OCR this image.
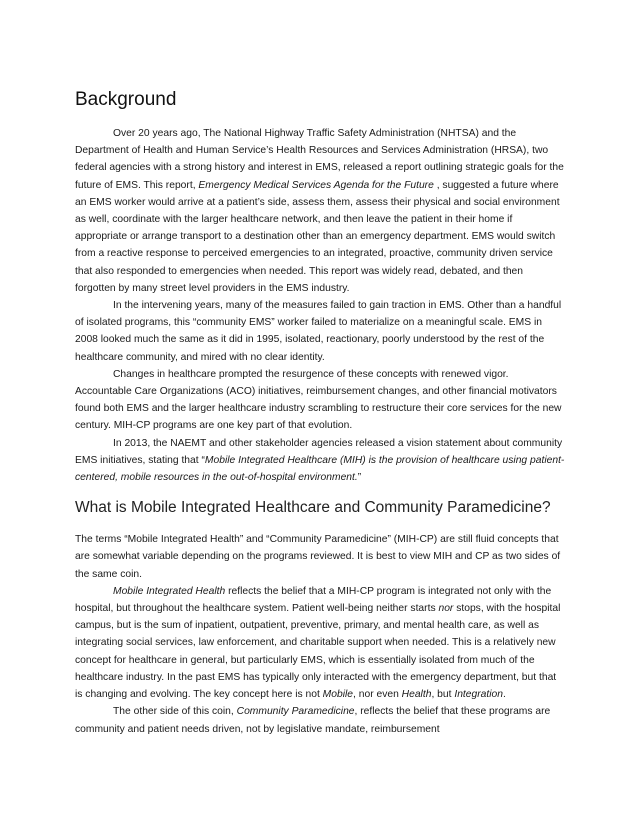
Background

Over 20 years ago, The National Highway Traffic Safety Administration (NHTSA) and the Department of Health and Human Service’s Health Resources and Services Administration (HRSA), two federal agencies with a strong history and interest in EMS, released a report outlining strategic goals for the future of EMS. This report, Emergency Medical Services Agenda for the Future , suggested a future where an EMS worker would arrive at a patient’s side, assess them, assess their physical and social environment as well, coordinate with the larger healthcare network, and then leave the patient in their home if appropriate or arrange transport to a destination other than an emergency department. EMS would switch from a reactive response to perceived emergencies to an integrated, proactive, community driven service that also responded to emergencies when needed. This report was widely read, debated, and then forgotten by many street level providers in the EMS industry.

In the intervening years, many of the measures failed to gain traction in EMS. Other than a handful of isolated programs, this “community EMS” worker failed to materialize on a meaningful scale. EMS in 2008 looked much the same as it did in 1995, isolated, reactionary, poorly understood by the rest of the healthcare community, and mired with no clear identity.

Changes in healthcare prompted the resurgence of these concepts with renewed vigor. Accountable Care Organizations (ACO) initiatives, reimbursement changes, and other financial motivators found both EMS and the larger healthcare industry scrambling to restructure their core services for the new century. MIH-CP programs are one key part of that evolution.

In 2013, the NAEMT and other stakeholder agencies released a vision statement about community EMS initiatives, stating that “Mobile Integrated Healthcare (MIH) is the provision of healthcare using patient-centered, mobile resources in the out-of-hospital environment.”

What is Mobile Integrated Healthcare and Community Paramedicine?

The terms “Mobile Integrated Health” and “Community Paramedicine” (MIH-CP) are still fluid concepts that are somewhat variable depending on the programs reviewed. It is best to view MIH and CP as two sides of the same coin.

Mobile Integrated Health reflects the belief that a MIH-CP program is integrated not only with the hospital, but throughout the healthcare system. Patient well-being neither starts nor stops, with the hospital campus, but is the sum of inpatient, outpatient, preventive, primary, and mental health care, as well as integrating social services, law enforcement, and charitable support when needed. This is a relatively new concept for healthcare in general, but particularly EMS, which is essentially isolated from much of the healthcare industry. In the past EMS has typically only interacted with the emergency department, but that is changing and evolving. The key concept here is not Mobile, nor even Health, but Integration.

The other side of this coin, Community Paramedicine, reflects the belief that these programs are community and patient needs driven, not by legislative mandate, reimbursement
